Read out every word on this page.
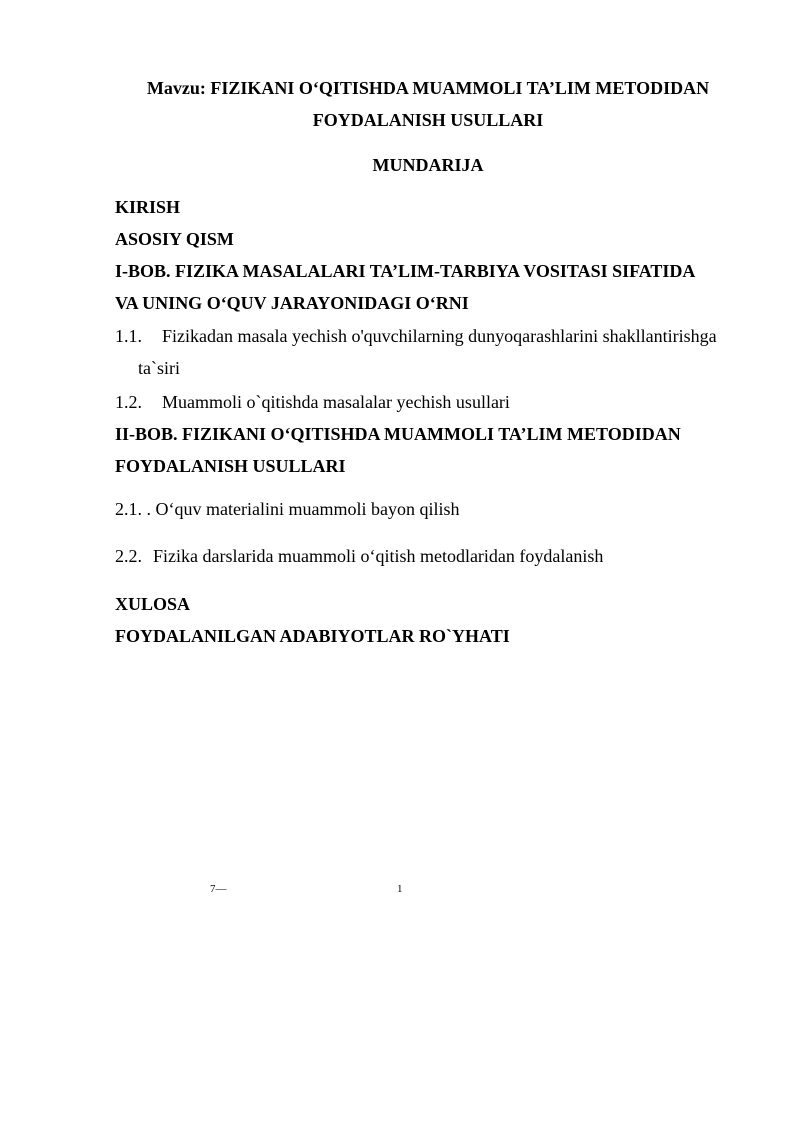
Mavzu: FIZIKANI O‘QITISHDA MUAMMOLI TA’LIM METODIDAN
FOYDALANISH USULLARI
MUNDARIJA
KIRISH
ASOSIY QISM
I-BOB. FIZIKA MASALALARI TA’LIM-TARBIYA VOSITASI SIFATIDA
VA UNING O‘QUV JARAYONIDAGI O‘RNI
1.1. Fizikadan masala yechish o'quvchilarning dunyoqarashlarini shakllantirishga
ta`siri
1.2. Muammoli o`qitishda masalalar yechish usullari
II-BOB. FIZIKANI O‘QITISHDA MUAMMOLI TA’LIM METODIDAN
FOYDALANISH USULLARI
2.1. . O‘quv materialini muammoli bayon qilish
2.2. Fizika darslarida muammoli o‘qitish metodlaridan foydalanish
XULOSA
FOYDALANILGAN ADABIYOTLAR RO`YHATI
7—	1
